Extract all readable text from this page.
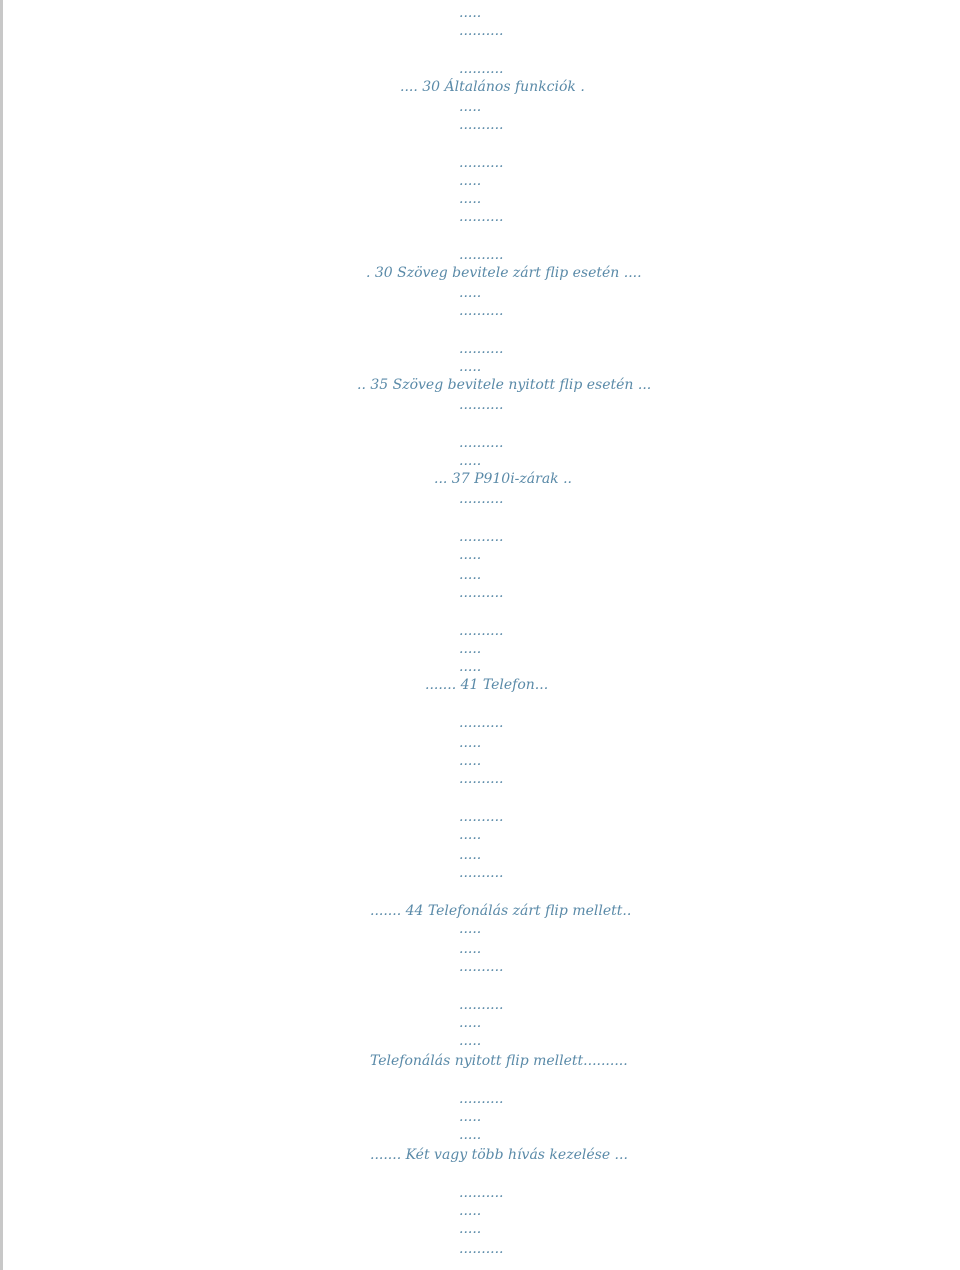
.....
..........
..........
.... 30 Általános funkciók .
.....
..........
..........
.....
.....
..........
..........
. 30 Szöveg bevitele zárt flip esetén ....
.....
..........
..........
.....
.. 35 Szöveg bevitele nyitott flip esetén ...
..........
..........
.....
... 37 P910i-zárak ..
..........
..........
.....
.....
..........
..........
.....
.....
....... 41 Telefon...
..........
.....
.....
..........
..........
.....
.....
..........
....... 44 Telefonálás zárt flip mellett..
.....
.....
..........
..........
.....
.....
Telefonálás nyitott flip mellett..........
..........
.....
.....
....... Két vagy több hívás kezelése ...
..........
.....
.....
..........
